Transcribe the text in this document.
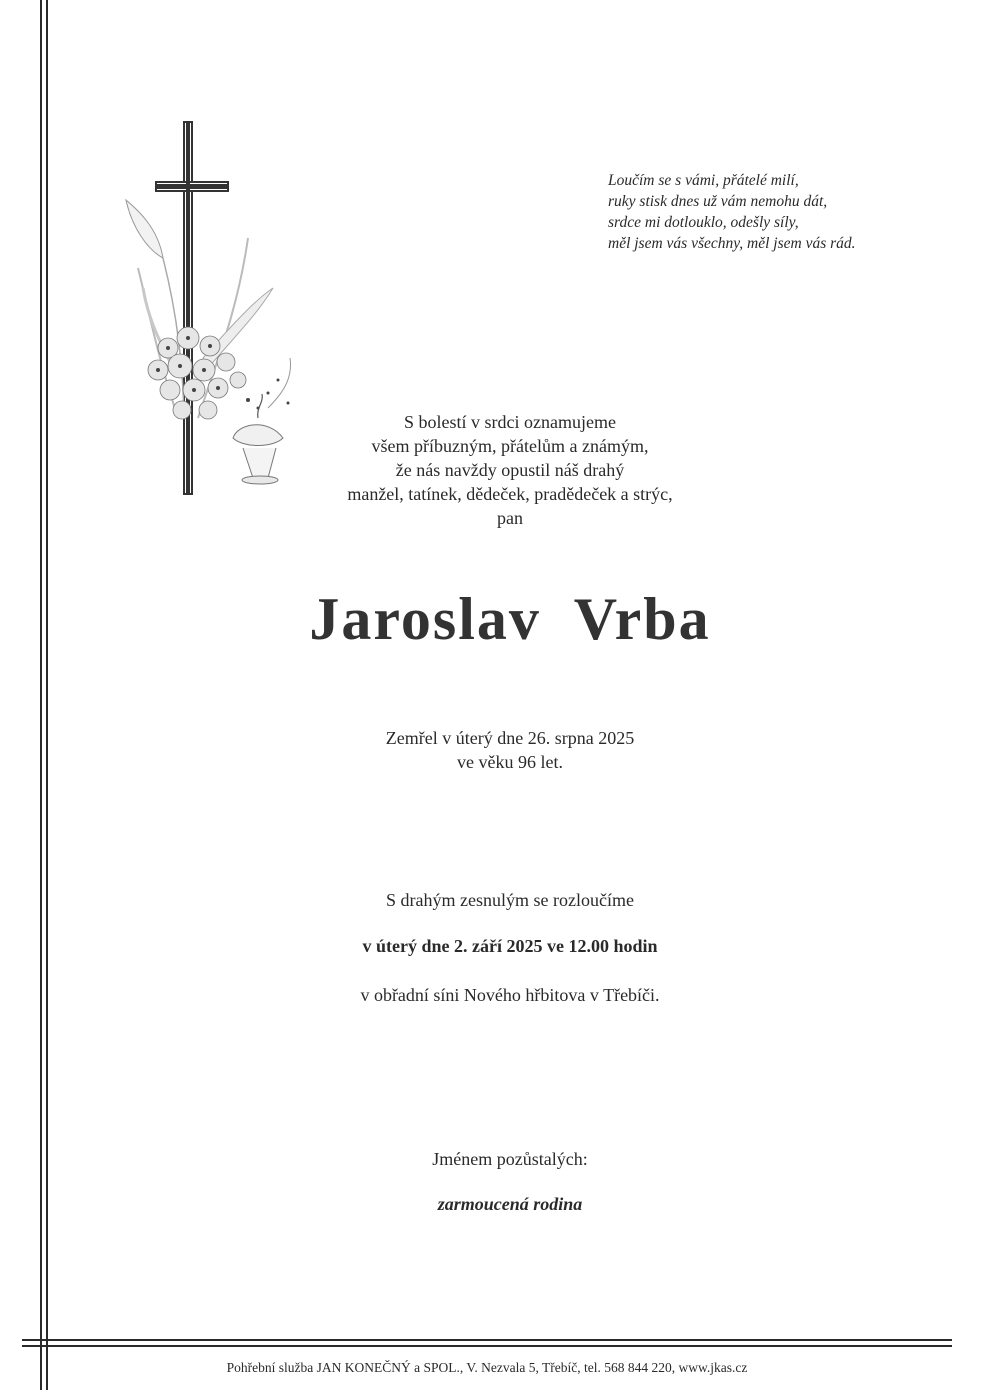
Loučím se s vámi, přátelé milí,
ruky stisk dnes už vám nemohu dát,
srdce mi dotlouklo, odešly síly,
měl jsem vás všechny, měl jsem vás rád.
S bolestí v srdci oznamujeme
všem příbuzným, přátelům a známým,
že nás navždy opustil náš drahý
manžel, tatínek, dědeček, pradědeček a strýc,
pan
Jaroslav  Vrba
Zemřel v úterý dne 26. srpna 2025
ve věku 96 let.
S drahým zesnulým se rozloučíme
v úterý dne 2. září 2025 ve 12.00 hodin
v obřadní síni Nového hřbitova v Třebíči.
Jménem pozůstalých:
zarmoucená rodina
Pohřební služba JAN KONEČNÝ a SPOL., V. Nezvala 5, Třebíč, tel. 568 844 220, www.jkas.cz
